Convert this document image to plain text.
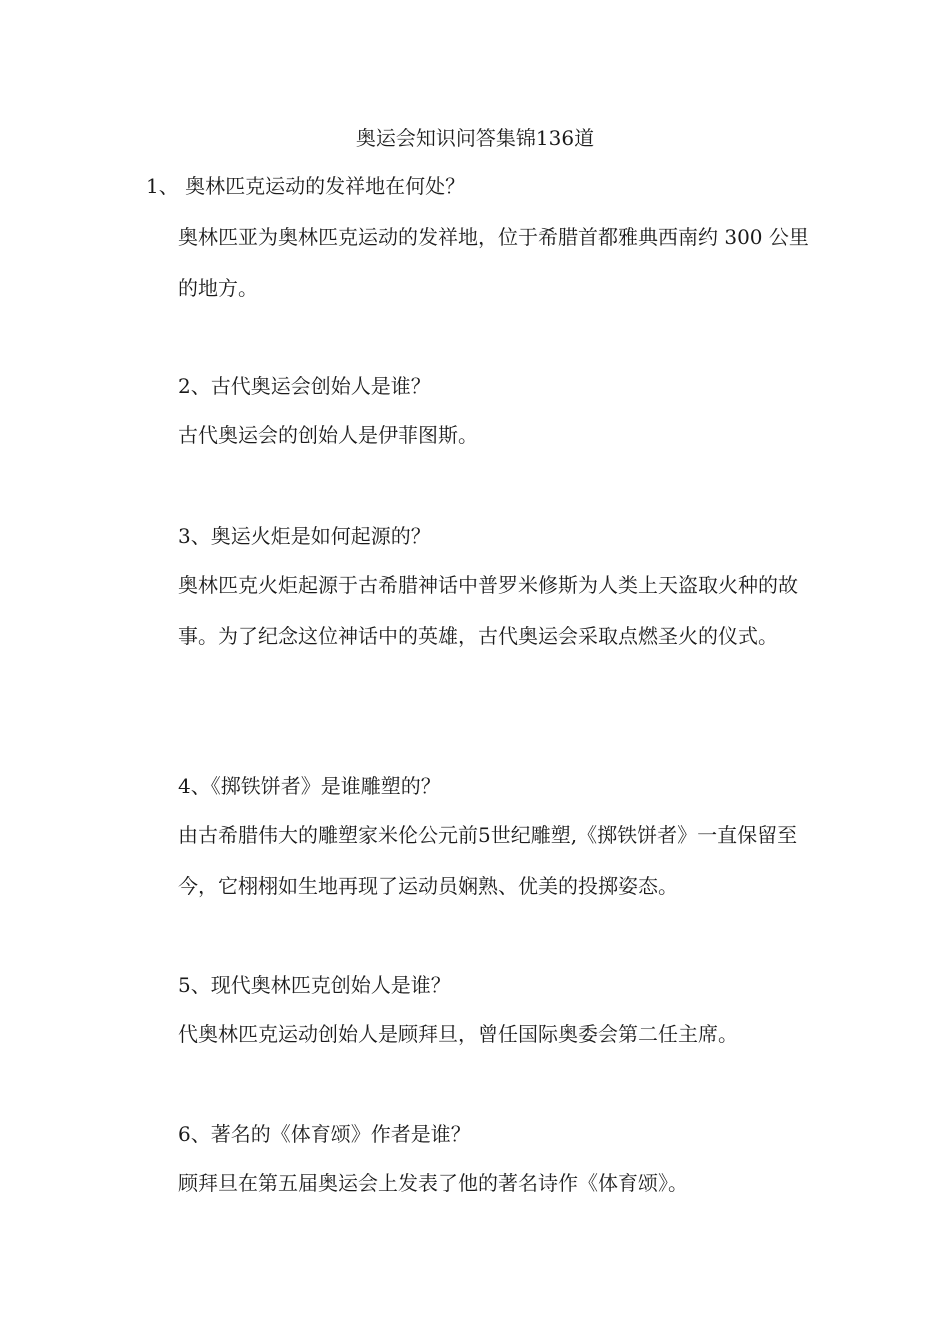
奥运会知识问答集锦136道
1、 奥林匹克运动的发祥地在何处？
奥林匹亚为奥林匹克运动的发祥地，位于希腊首都雅典西南约 300 公里的地方。
2、古代奥运会创始人是谁？
古代奥运会的创始人是伊菲图斯。
3、奥运火炬是如何起源的？
奥林匹克火炬起源于古希腊神话中普罗米修斯为人类上天盗取火种的故事。为了纪念这位神话中的英雄，古代奥运会采取点燃圣火的仪式。
4、《掷铁饼者》是谁雕塑的？
由古希腊伟大的雕塑家米伦公元前5世纪雕塑,《掷铁饼者》一直保留至今，它栩栩如生地再现了运动员娴熟、优美的投掷姿态。
5、现代奥林匹克创始人是谁？
代奥林匹克运动创始人是顾拜旦，曾任国际奥委会第二任主席。
6、著名的《体育颂》作者是谁？
顾拜旦在第五届奥运会上发表了他的著名诗作《体育颂》。
